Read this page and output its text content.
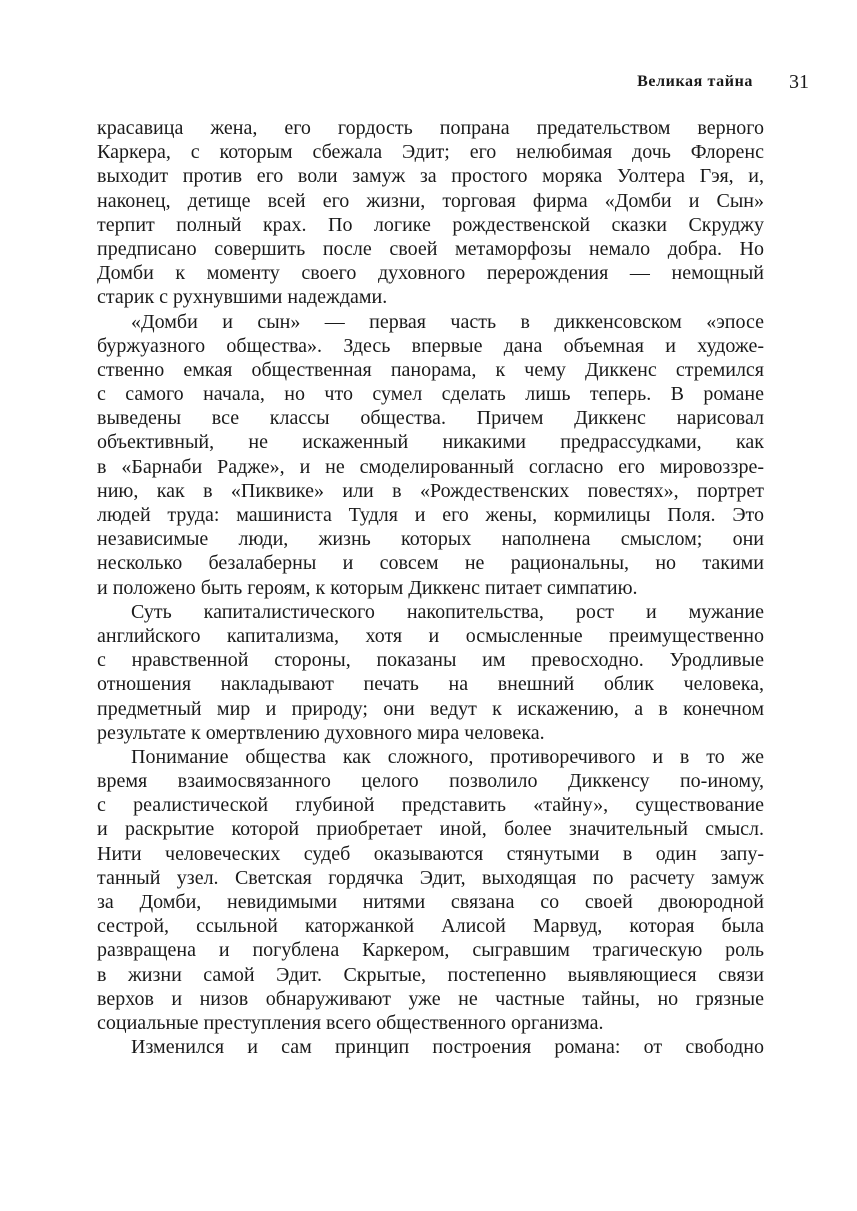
Великая тайна 31
красавица жена, его гордость попрана предательством верного
Каркера, с которым сбежала Эдит; его нелюбимая дочь Флоренс
выходит против его воли замуж за простого моряка Уолтера Гэя, и,
наконец, детище всей его жизни, торговая фирма «Домби и Сын»
терпит полный крах. По логике рождественской сказки Скруджу
предписано совершить после своей метаморфозы немало добра. Но
Домби к моменту своего духовного перерождения — немощный
старик с рухнувшими надеждами.
«Домби и сын» — первая часть в диккенсовском «эпосе
буржуазного общества». Здесь впервые дана объемная и художе-
ственно емкая общественная панорама, к чему Диккенс стремился
с самого начала, но что сумел сделать лишь теперь. В романе
выведены все классы общества. Причем Диккенс нарисовал
объективный, не искаженный никакими предрассудками, как
в «Барнаби Радже», и не смоделированный согласно его мировоззре-
нию, как в «Пиквике» или в «Рождественских повестях», портрет
людей труда: машиниста Тудля и его жены, кормилицы Поля. Это
независимые люди, жизнь которых наполнена смыслом; они
несколько безалаберны и совсем не рациональны, но такими
и положено быть героям, к которым Диккенс питает симпатию.
Суть капиталистического накопительства, рост и мужание
английского капитализма, хотя и осмысленные преимущественно
с нравственной стороны, показаны им превосходно. Уродливые
отношения накладывают печать на внешний облик человека,
предметный мир и природу; они ведут к искажению, а в конечном
результате к омертвлению духовного мира человека.
Понимание общества как сложного, противоречивого и в то же
время взаимосвязанного целого позволило Диккенсу по-иному,
с реалистической глубиной представить «тайну», существование
и раскрытие которой приобретает иной, более значительный смысл.
Нити человеческих судеб оказываются стянутыми в один запу-
танный узел. Светская гордячка Эдит, выходящая по расчету замуж
за Домби, невидимыми нитями связана со своей двоюродной
сестрой, ссыльной каторжанкой Алисой Марвуд, которая была
развращена и погублена Каркером, сыгравшим трагическую роль
в жизни самой Эдит. Скрытые, постепенно выявляющиеся связи
верхов и низов обнаруживают уже не частные тайны, но грязные
социальные преступления всего общественного организма.
Изменился и сам принцип построения романа: от свободно
